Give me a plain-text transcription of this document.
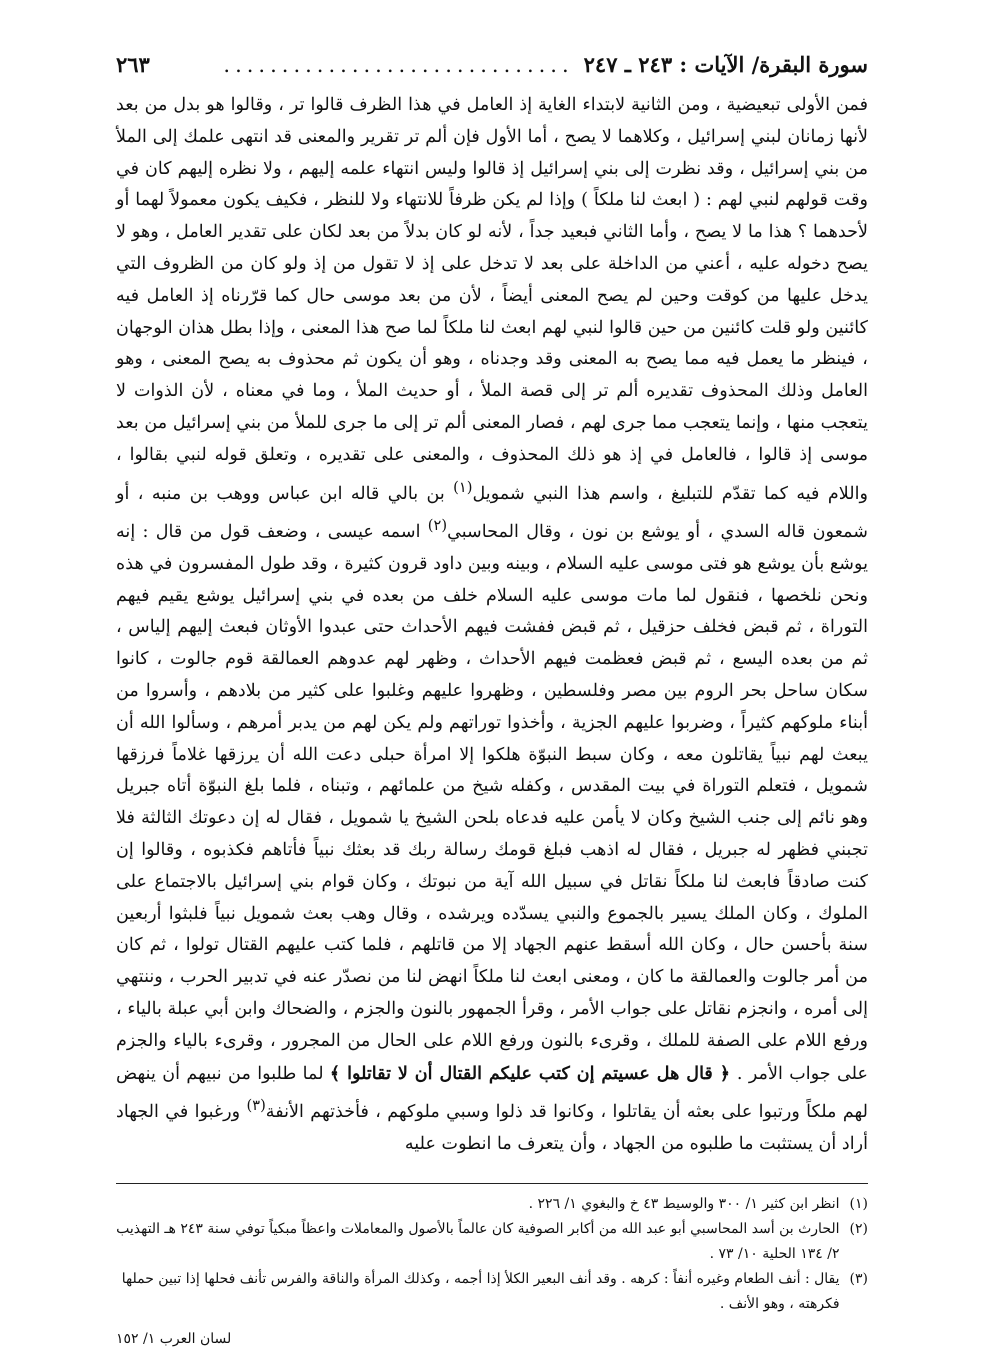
سورة البقرة/ الآيات : ٢٤٣ ـ ٢٤٧
..............................
٢٦٣

فمن الأولى تبعيضية ، ومن الثانية لابتداء الغاية إذ العامل في هذا الظرف قالوا تر ، وقالوا هو بدل من بعد لأنها زمانان لبني إسرائيل ، وكلاهما لا يصح ، أما الأول فإن ألم تر تقرير والمعنى قد انتهى علمك إلى الملأ من بني إسرائيل ، وقد نظرت إلى بني إسرائيل إذ قالوا وليس انتهاء علمه إليهم ، ولا نظره إليهم كان في وقت قولهم لنبي لهم : ( ابعث لنا ملكاً ) وإذا لم يكن ظرفاً للانتهاء ولا للنظر ، فكيف يكون معمولاً لهما أو لأحدهما ؟ هذا ما لا يصح ، وأما الثاني فبعيد جداً ، لأنه لو كان بدلاً من بعد لكان على تقدير العامل ، وهو لا يصح دخوله عليه ، أعني من الداخلة على بعد لا تدخل على إذ لا تقول من إذ ولو كان من الظروف التي يدخل عليها من كوقت وحين لم يصح المعنى أيضاً ، لأن من بعد موسى حال كما قرّرناه إذ العامل فيه كائنين ولو قلت كائنين من حين قالوا لنبي لهم ابعث لنا ملكاً لما صح هذا المعنى ، وإذا بطل هذان الوجهان ، فينظر ما يعمل فيه مما يصح به المعنى وقد وجدناه ، وهو أن يكون ثم محذوف به يصح المعنى ، وهو العامل وذلك المحذوف تقديره ألم تر إلى قصة الملأ ، أو حديث الملأ ، وما في معناه ، لأن الذوات لا يتعجب منها ، وإنما يتعجب مما جرى لهم ، فصار المعنى ألم تر إلى ما جرى للملأ من بني إسرائيل من بعد موسى إذ قالوا ، فالعامل في إذ هو ذلك المحذوف ، والمعنى على تقديره ، وتعلق قوله لنبي بقالوا ، واللام فيه كما تقدّم للتبليغ ، واسم هذا النبي شمويل$^{(١)}$ بن بالي قاله ابن عباس ووهب بن منبه ، أو شمعون قاله السدي ، أو يوشع بن نون ، وقال المحاسبي$^{(٢)}$ اسمه عيسى ، وضعف قول من قال : إنه يوشع بأن يوشع هو فتى موسى عليه السلام ، وبينه وبين داود قرون كثيرة ، وقد طول المفسرون في هذه ونحن نلخصها ، فنقول لما مات موسى عليه السلام خلف من بعده في بني إسرائيل يوشع يقيم فيهم التوراة ، ثم قبض فخلف حزقيل ، ثم قبض ففشت فيهم الأحداث حتى عبدوا الأوثان فبعث إليهم إلياس ، ثم من بعده اليسع ، ثم قبض فعظمت فيهم الأحداث ، وظهر لهم عدوهم العمالقة قوم جالوت ، كانوا سكان ساحل بحر الروم بين مصر وفلسطين ، وظهروا عليهم وغلبوا على كثير من بلادهم ، وأسروا من أبناء ملوكهم كثيراً ، وضربوا عليهم الجزية ، وأخذوا توراتهم ولم يكن لهم من يدبر أمرهم ، وسألوا الله أن يبعث لهم نبياً يقاتلون معه ، وكان سبط النبوّة هلكوا إلا امرأة حبلى دعت الله أن يرزقها غلاماً فرزقها شمويل ، فتعلم التوراة في بيت المقدس ، وكفله شيخ من علمائهم ، وتبناه ، فلما بلغ النبوّة أتاه جبريل وهو نائم إلى جنب الشيخ وكان لا يأمن عليه فدعاه بلحن الشيخ يا شمويل ، فقال له إن دعوتك الثالثة فلا تجبني فظهر له جبريل ، فقال له اذهب فبلغ قومك رسالة ربك قد بعثك نبياً فأتاهم فكذبوه ، وقالوا إن كنت صادقاً فابعث لنا ملكاً نقاتل في سبيل الله آية من نبوتك ، وكان قوام بني إسرائيل بالاجتماع على الملوك ، وكان الملك يسير بالجموع والنبي يسدّده ويرشده ، وقال وهب بعث شمويل نبياً فلبثوا أربعين سنة بأحسن حال ، وكان الله أسقط عنهم الجهاد إلا من قاتلهم ، فلما كتب عليهم القتال تولوا ، ثم كان من أمر جالوت والعمالقة ما كان ، ومعنى ابعث لنا ملكاً انهض لنا من نصدّر عنه في تدبير الحرب ، وننتهي إلى أمره ، وانجزم نقاتل على جواب الأمر ، وقرأ الجمهور بالنون والجزم ، والضحاك وابن أبي عبلة بالياء ، ورفع اللام على الصفة للملك ، وقرىء بالنون ورفع اللام على الحال من المجرور ، وقرىء بالياء والجزم على جواب الأمر . ﴿ قال هل عسيتم إن كتب عليكم القتال أن لا تقاتلوا ﴾ لما طلبوا من نبيهم أن ينهض لهم ملكاً ورتبوا على بعثه أن يقاتلوا ، وكانوا قد ذلوا وسبي ملوكهم ، فأخذتهم الأنفة$^{(٣)}$ ورغبوا في الجهاد أراد أن يستثبت ما طلبوه من الجهاد ، وأن يتعرف ما انطوت عليه

(١)
انظر ابن كثير ١/ ٣٠٠ والوسيط ٤٣ خ والبغوي ١/ ٢٢٦ .
(٢)
الحارث بن أسد المحاسبي أبو عبد الله من أكابر الصوفية كان عالماً بالأصول والمعاملات واعظاً مبكياً توفي سنة ٢٤٣ هـ التهذيب ٢/ ١٣٤ الحلية ١٠/ ٧٣ .
(٣)
يقال : أنف الطعام وغيره أنفاً : كرهه . وقد أنف البعير الكلأ إذا أجمه ، وكذلك المرأة والناقة والفرس تأنف فحلها إذا تبين حملها فكرهته ، وهو الأنف .
لسان العرب ١/ ١٥٢
